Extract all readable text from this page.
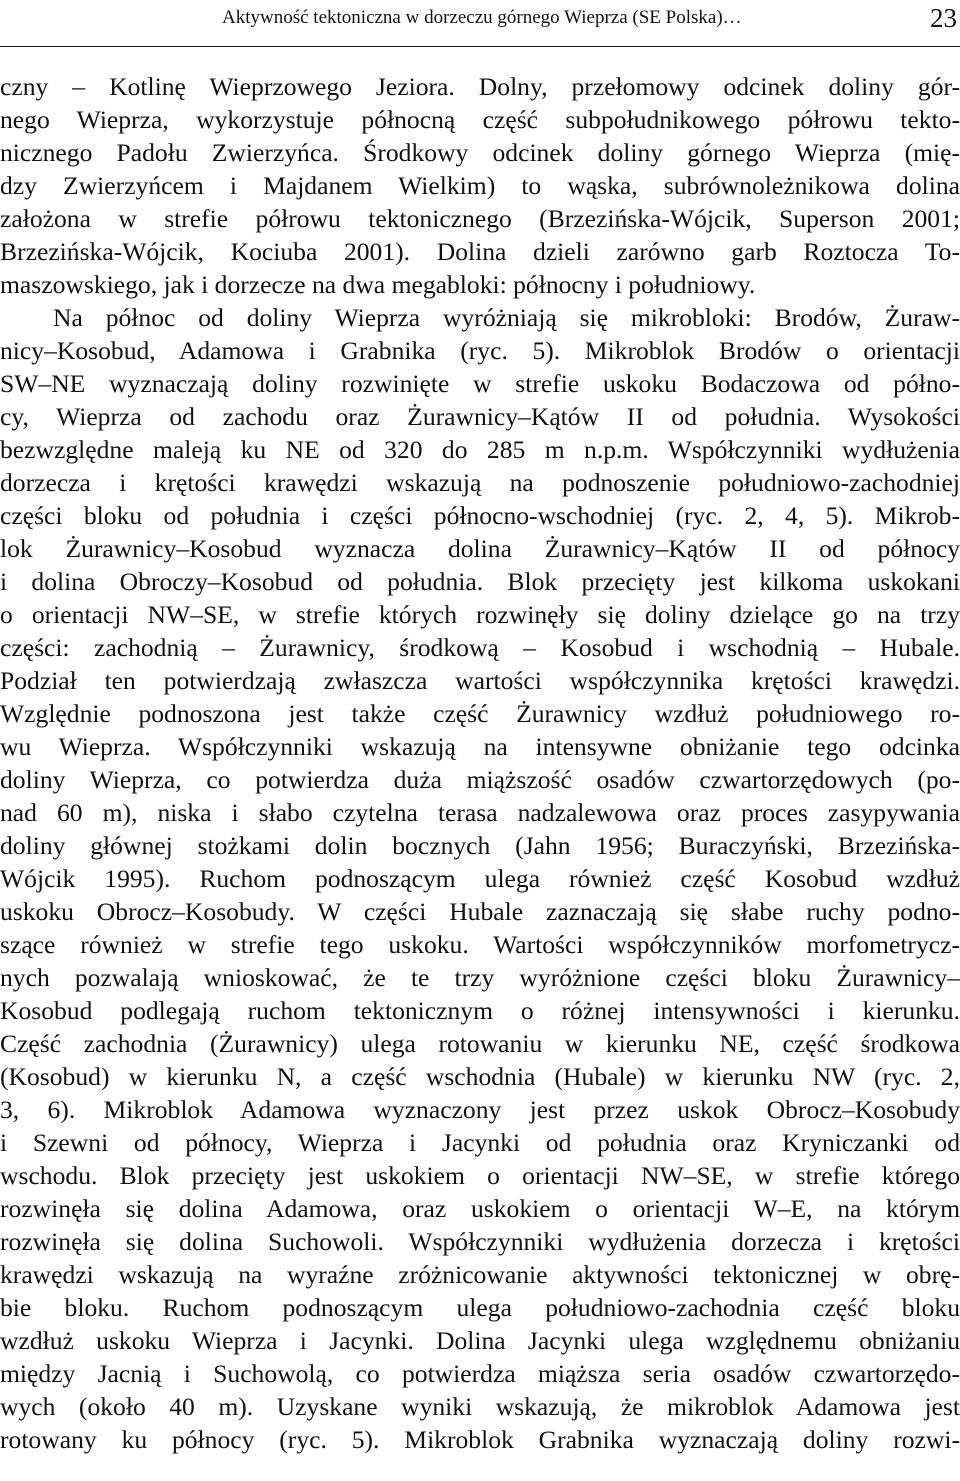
Aktywność tektoniczna w dorzeczu górnego Wieprza (SE Polska)…	23
czny – Kotlinę Wieprzowego Jeziora. Dolny, przełomowy odcinek doliny gór-
nego Wieprza, wykorzystuje północną część subpołudnikowego półrowu tekto-
nicznego Padołu Zwierzyńca. Środkowy odcinek doliny górnego Wieprza (mię-
dzy Zwierzyńcem i Majdanem Wielkim) to wąska, subrównoleżnikowa dolina
założona w strefie półrowu tektonicznego (Brzezińska-Wójcik, Superson 2001;
Brzezińska-Wójcik, Kociuba 2001). Dolina dzieli zarówno garb Roztocza To-
maszowskiego, jak i dorzecze na dwa megabloki: północny i południowy.
Na północ od doliny Wieprza wyróżniają się mikrobloki: Brodów, Żuraw-
nicy–Kosobud, Adamowa i Grabnika (ryc. 5). Mikroblok Brodów o orientacji
SW–NE wyznaczają doliny rozwinięte w strefie uskoku Bodaczowa od półno-
cy, Wieprza od zachodu oraz Żurawnicy–Kątów II od południa. Wysokości
bezwzględne maleją ku NE od 320 do 285 m n.p.m. Współczynniki wydłużenia
dorzecza i krętości krawędzi wskazują na podnoszenie południowo-zachodniej
części bloku od południa i części północno-wschodniej (ryc. 2, 4, 5). Mikrob-
lok Żurawnicy–Kosobud wyznacza dolina Żurawnicy–Kątów II od północy
i dolina Obroczy–Kosobud od południa. Blok przecięty jest kilkoma uskokani
o orientacji NW–SE, w strefie których rozwinęły się doliny dzielące go na trzy
części: zachodnią – Żurawnicy, środkową – Kosobud i wschodnią – Hubale.
Podział ten potwierdzają zwłaszcza wartości współczynnika krętości krawędzi.
Względnie podnoszona jest także część Żurawnicy wzdłuż południowego ro-
wu Wieprza. Współczynniki wskazują na intensywne obniżanie tego odcinka
doliny Wieprza, co potwierdza duża miąższość osadów czwartorzędowych (po-
nad 60 m), niska i słabo czytelna terasa nadzalewowa oraz proces zasypywania
doliny głównej stożkami dolin bocznych (Jahn 1956; Buraczyński, Brzezińska-
Wójcik 1995). Ruchom podnoszącym ulega również część Kosobud wzdłuż
uskoku Obrocz–Kosobudy. W części Hubale zaznaczają się słabe ruchy podno-
szące również w strefie tego uskoku. Wartości współczynników morfometrycz-
nych pozwalają wnioskować, że te trzy wyróżnione części bloku Żurawnicy–
Kosobud podlegają ruchom tektonicznym o różnej intensywności i kierunku.
Część zachodnia (Żurawnicy) ulega rotowaniu w kierunku NE, część środkowa
(Kosobud) w kierunku N, a część wschodnia (Hubale) w kierunku NW (ryc. 2,
3, 6). Mikroblok Adamowa wyznaczony jest przez uskok Obrocz–Kosobudy
i Szewni od północy, Wieprza i Jacynki od południa oraz Kryniczanki od
wschodu. Blok przecięty jest uskokiem o orientacji NW–SE, w strefie którego
rozwinęła się dolina Adamowa, oraz uskokiem o orientacji W–E, na którym
rozwinęła się dolina Suchowoli. Współczynniki wydłużenia dorzecza i krętości
krawędzi wskazują na wyraźne zróżnicowanie aktywności tektonicznej w obrę-
bie bloku. Ruchom podnoszącym ulega południowo-zachodnia część bloku
wzdłuż uskoku Wieprza i Jacynki. Dolina Jacynki ulega względnemu obniżaniu
między Jacnią i Suchowolą, co potwierdza miąższa seria osadów czwartorzędo-
wych (około 40 m). Uzyskane wyniki wskazują, że mikroblok Adamowa jest
rotowany ku północy (ryc. 5). Mikroblok Grabnika wyznaczają doliny rozwi-
